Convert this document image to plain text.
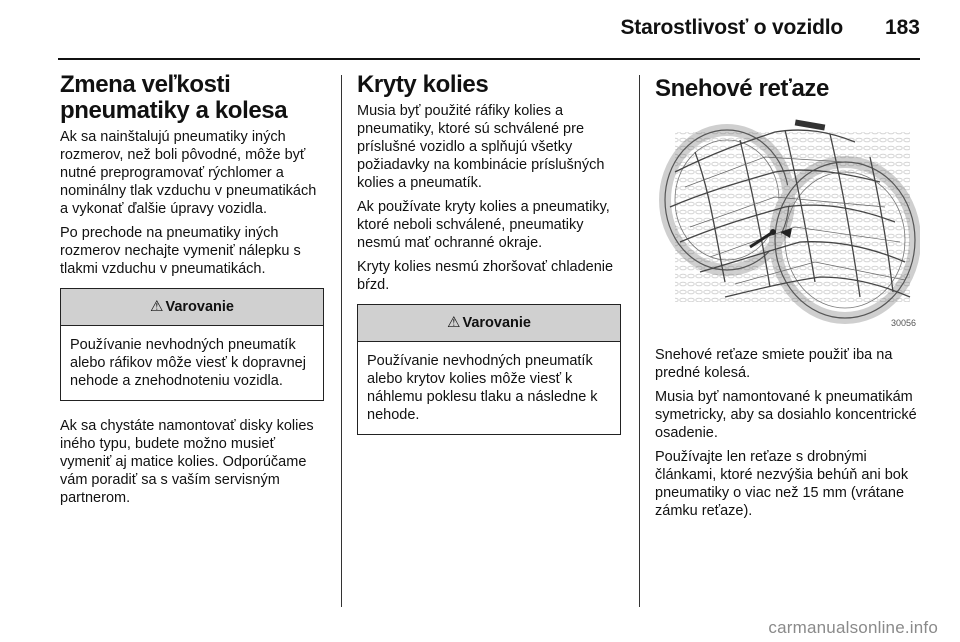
Starostlivosť o vozidlo 183
Zmena veľkosti
pneumatiky a kolesa

Ak sa nainštalujú pneumatiky iných rozmerov, než boli pôvodné, môže byť nutné preprogramovať rýchlomer a nominálny tlak vzduchu v pneumatikách a vykonať ďalšie úpravy vozidla.

Po prechode na pneumatiky iných rozmerov nechajte vymeniť nálepku s tlakmi vzduchu v pneumatikách.

⚠ Varovanie
Používanie nevhodných pneumatík alebo ráfikov môže viesť k dopravnej nehode a znehodnoteniu vozidla.

Ak sa chystáte namontovať disky kolies iného typu, budete možno musieť vymeniť aj matice kolies. Odporúčame vám poradiť sa s vaším servisným partnerom.

Kryty kolies

Musia byť použité ráfiky kolies a pneumatiky, ktoré sú schválené pre príslušné vozidlo a splňujú všetky požiadavky na kombinácie príslušných kolies a pneumatík.

Ak používate kryty kolies a pneumatiky, ktoré neboli schválené, pneumatiky nesmú mať ochranné okraje.

Kryty kolies nesmú zhoršovať chladenie bŕzd.

⚠ Varovanie
Používanie nevhodných pneumatík alebo krytov kolies môže viesť k náhlemu poklesu tlaku a následne k nehode.
Snehové reťaze
30056

Snehové reťaze smiete použiť iba na predné kolesá.

Musia byť namontované k pneumatikám symetricky, aby sa dosiahlo koncentrické osadenie.

Používajte len reťaze s drobnými článkami, ktoré nezvýšia behúň ani bok pneumatiky o viac než 15 mm (vrátane zámku reťaze).

carmanualsonline.info
